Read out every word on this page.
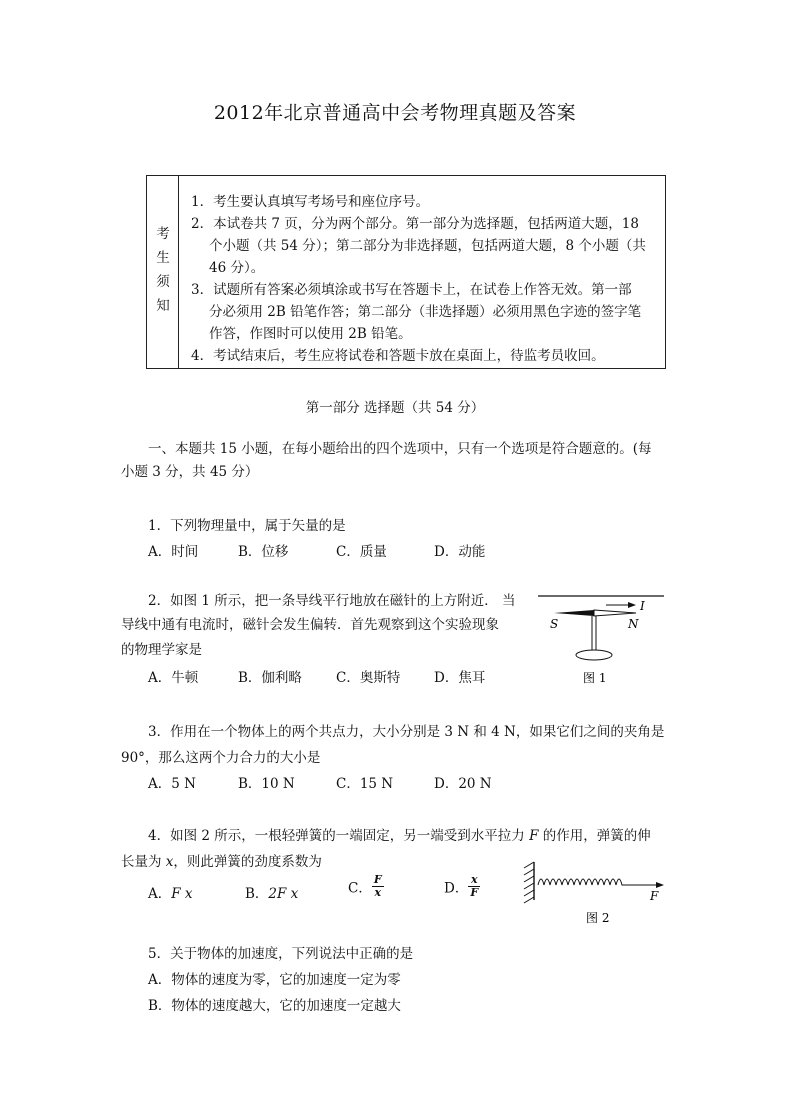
2012年北京普通高中会考物理真题及答案
考
生
须
知
1．考生要认真填写考场号和座位序号。
2．本试卷共 7 页，分为两个部分。第一部分为选择题，包括两道大题，18
个小题（共 54 分）；第二部分为非选择题，包括两道大题，8 个小题（共
46 分）。
3．试题所有答案必须填涂或书写在答题卡上，在试卷上作答无效。第一部
分必须用 2B 铅笔作答；第二部分（非选择题）必须用黑色字迹的签字笔
作答，作图时可以使用 2B 铅笔。
4．考试结束后，考生应将试卷和答题卡放在桌面上，待监考员收回。
第一部分 选择题（共 54 分）
一、本题共 15 小题，在每小题给出的四个选项中，只有一个选项是符合题意的。(每
小题 3 分，共 45 分）
1．下列物理量中，属于矢量的是
A．时间	B．位移	C．质量	D．动能
2．如图 1 所示，把一条导线平行地放在磁针的上方附近． 当
导线中通有电流时，磁针会发生偏转．首先观察到这个实验现象
的物理学家是
A．牛顿	B．伽利略	C．奥斯特 D．焦耳
I
S	N
图 1
3．作用在一个物体上的两个共点力，大小分别是 3 N 和 4 N，如果它们之间的夹角是
90°，那么这两个力合力的大小是
A．5 N	B．10 N	C．15 N	D．20 N
4．如图 2 所示，一根轻弹簧的一端固定，另一端受到水平拉力 F 的作用，弹簧的伸
长量为 x，则此弹簧的劲度系数为
A．F x	B．2F x	C． $\frac{F}{x}$	D． $\frac{x}{F}$	F
图 2
5．关于物体的加速度，下列说法中正确的是
A．物体的速度为零，它的加速度一定为零
B．物体的速度越大，它的加速度一定越大
